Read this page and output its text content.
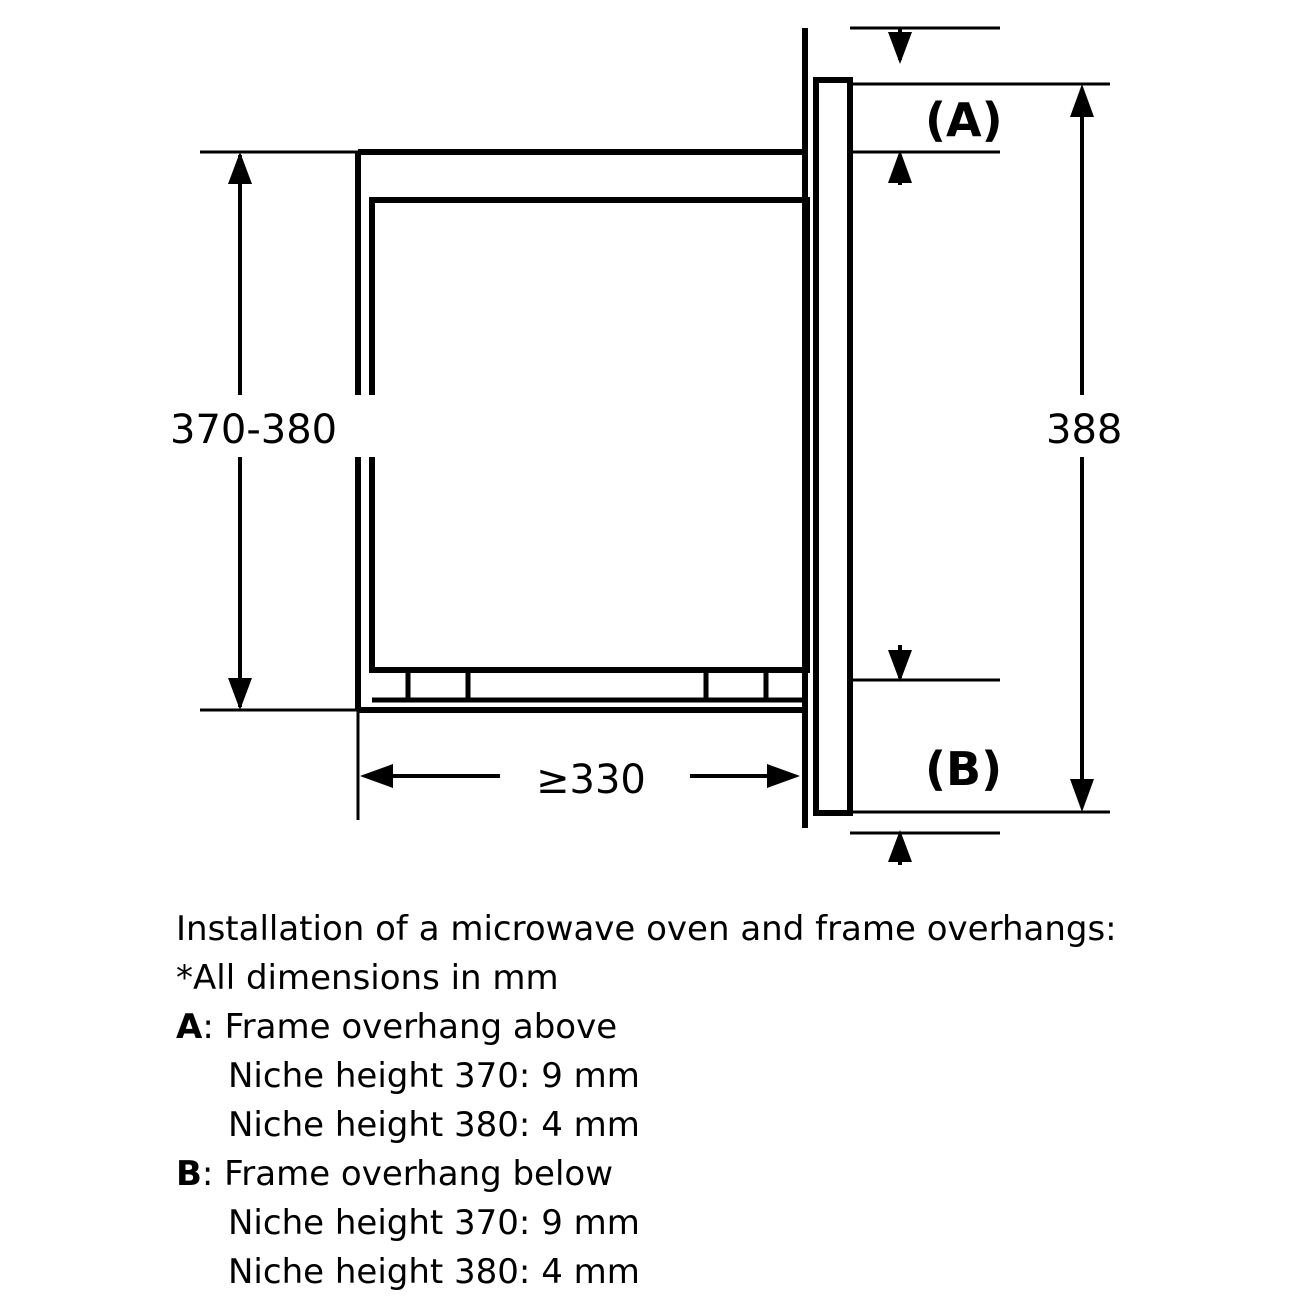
370-380	388
≥330
(A)
(B)
Installation of a microwave oven and frame overhangs:
*All dimensions in mm
A: Frame overhang above
Niche height 370: 9 mm
Niche height 380: 4 mm
B: Frame overhang below
Niche height 370: 9 mm
Niche height 380: 4 mm
